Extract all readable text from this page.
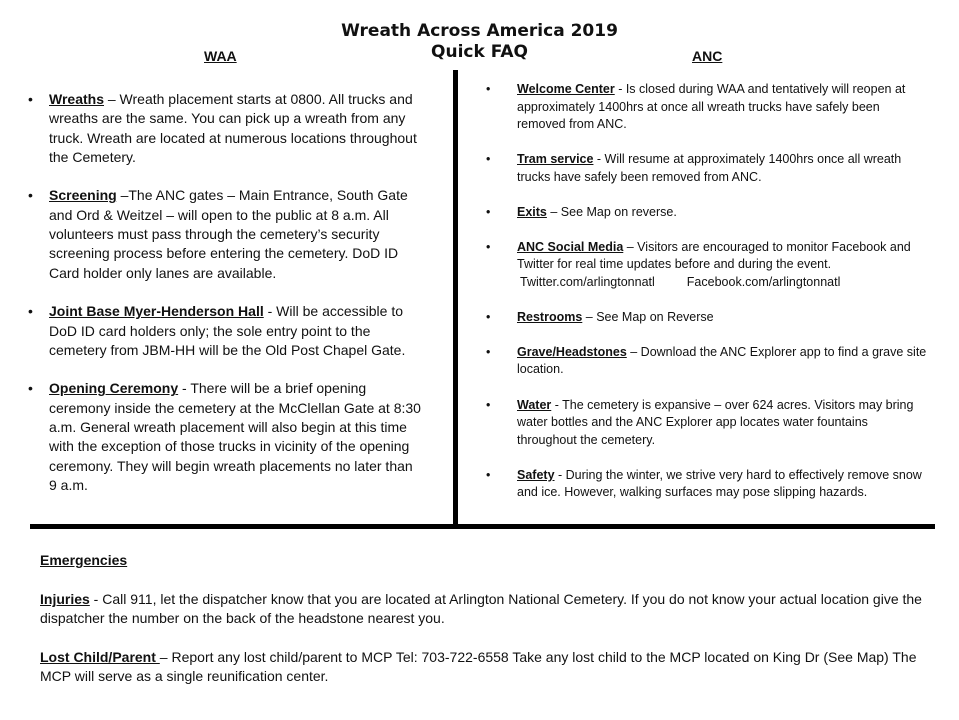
Wreath Across America 2019
Quick FAQ
WAA	ANC
• Wreaths – Wreath placement starts at 0800. All trucks and wreaths are the same. You can pick up a wreath from any truck. Wreath are located at numerous locations throughout the Cemetery.
• Screening –The ANC gates – Main Entrance, South Gate and Ord & Weitzel – will open to the public at 8 a.m. All volunteers must pass through the cemetery’s security screening process before entering the cemetery. DoD ID Card holder only lanes are available.
• Joint Base Myer-Henderson Hall - Will be accessible to DoD ID card holders only; the sole entry point to the cemetery from JBM-HH will be the Old Post Chapel Gate.
• Opening Ceremony - There will be a brief opening ceremony inside the cemetery at the McClellan Gate at 8:30 a.m. General wreath placement will also begin at this time with the exception of those trucks in vicinity of the opening ceremony. They will begin wreath placements no later than 9 a.m.
• Welcome Center - Is closed during WAA and tentatively will reopen at approximately 1400hrs at once all wreath trucks have safely been removed from ANC.
• Tram service - Will resume at approximately 1400hrs once all wreath trucks have safely been removed from ANC.
• Exits – See Map on reverse.
• ANC Social Media – Visitors are encouraged to monitor Facebook and Twitter for real time updates before and during the event.
Twitter.com/arlingtonnatl	Facebook.com/arlingtonnatl
• Restrooms – See Map on Reverse
• Grave/Headstones – Download the ANC Explorer app to find a grave site location.
• Water - The cemetery is expansive – over 624 acres. Visitors may bring water bottles and the ANC Explorer app locates water fountains throughout the cemetery.
• Safety - During the winter, we strive very hard to effectively remove snow and ice. However, walking surfaces may pose slipping hazards.

Emergencies

Injuries - Call 911, let the dispatcher know that you are located at Arlington National Cemetery. If you do not know your actual location give the dispatcher the number on the back of the headstone nearest you.

Lost Child/Parent – Report any lost child/parent to MCP Tel: 703-722-6558 Take any lost child to the MCP located on King Dr (See Map) The MCP will serve as a single reunification center.
